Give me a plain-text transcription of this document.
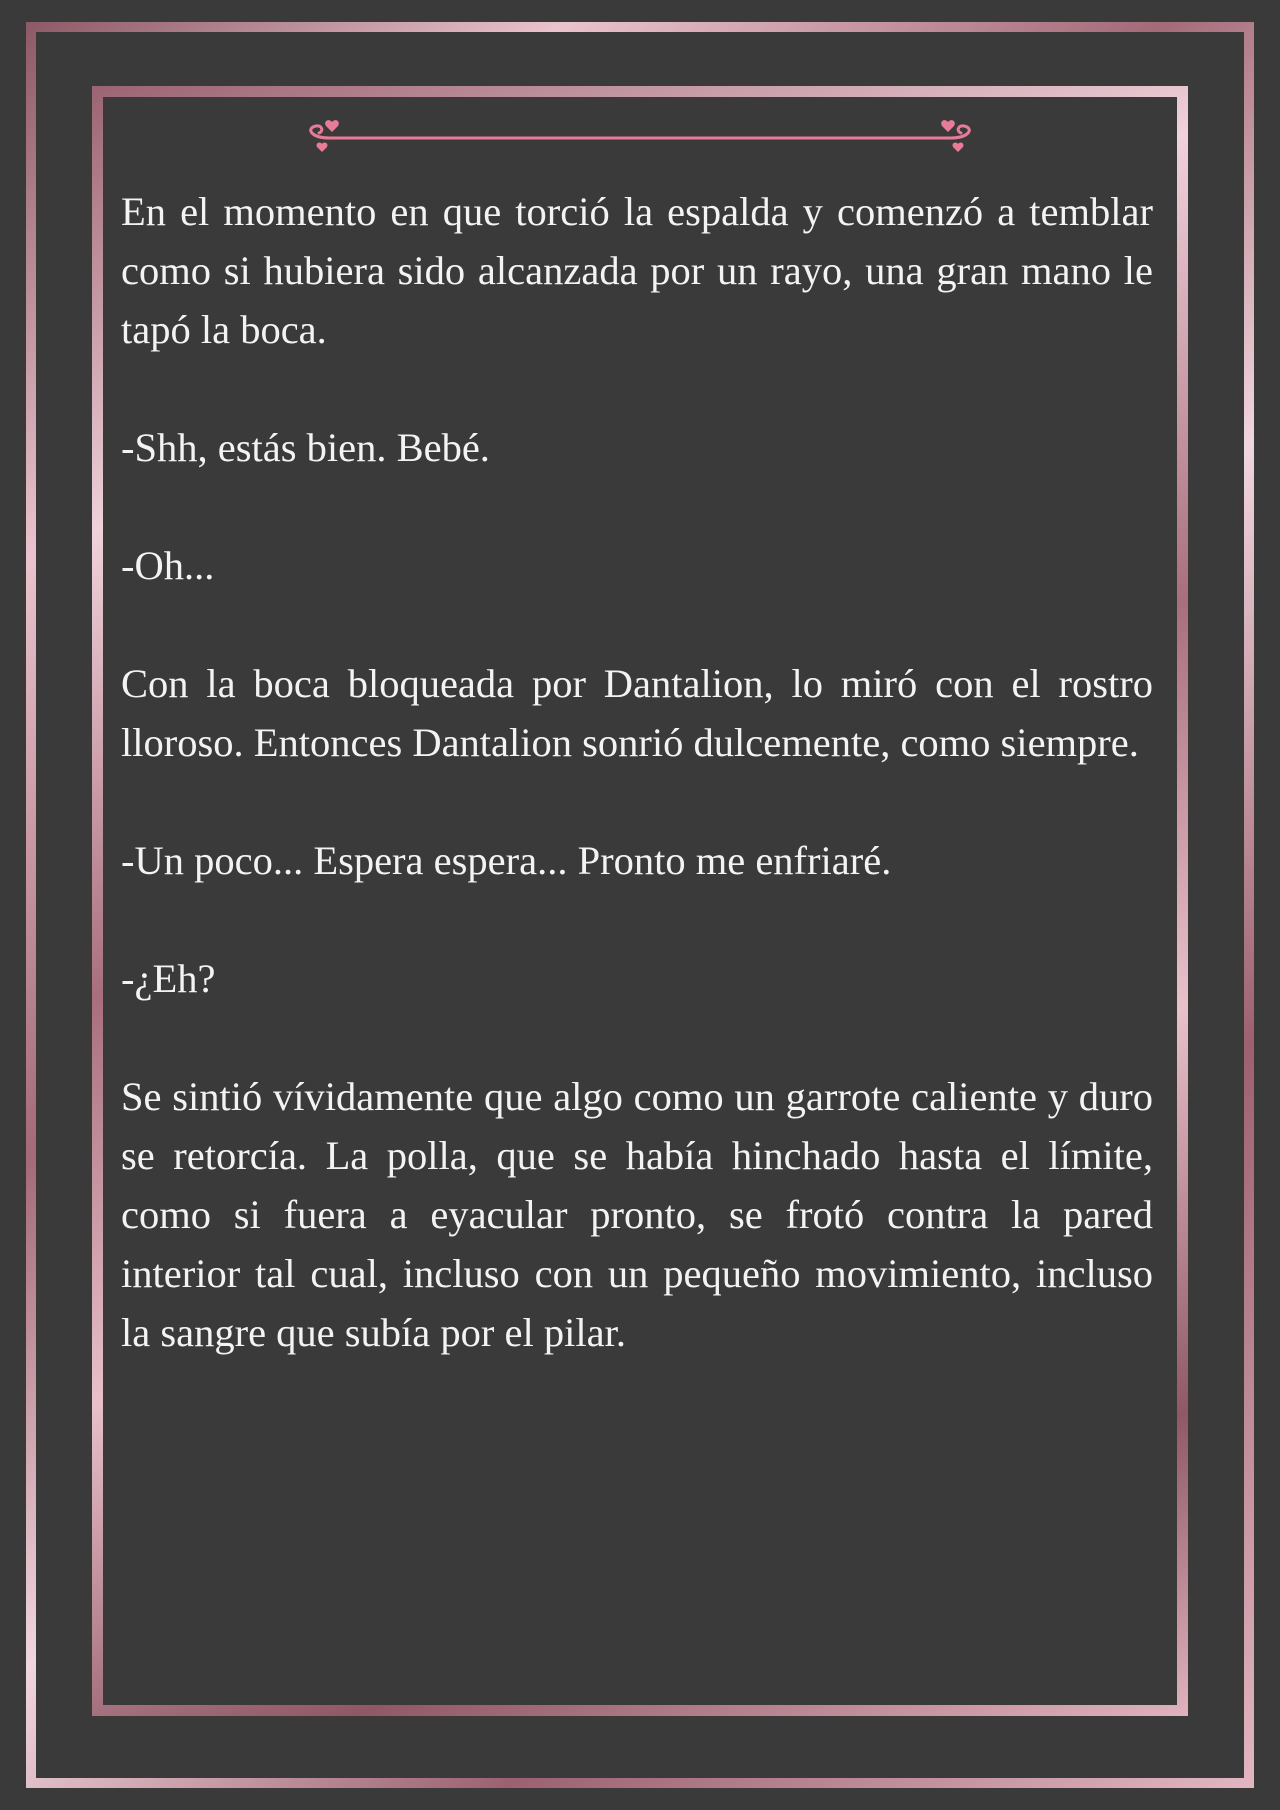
En el momento en que torció la espalda y comenzó a temblar como si hubiera sido alcanzada por un rayo, una gran mano le tapó la boca.

-Shh, estás bien. Bebé.

-Oh...

Con la boca bloqueada por Dantalion, lo miró con el rostro lloroso. Entonces Dantalion sonrió dulcemente, como siempre.

-Un poco... Espera espera... Pronto me enfriaré.

-¿Eh?

Se sintió vívidamente que algo como un garrote caliente y duro se retorcía. La polla, que se había hinchado hasta el límite, como si fuera a eyacular pronto, se frotó contra la pared interior tal cual, incluso con un pequeño movimiento, incluso la sangre que subía por el pilar.
